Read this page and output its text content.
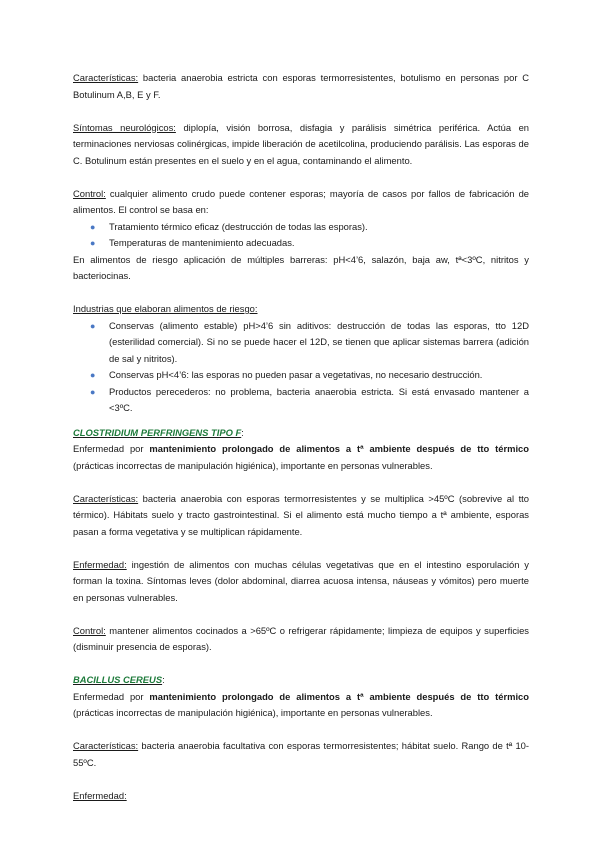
Características: bacteria anaerobia estricta con esporas termorresistentes, botulismo en personas por C Botulinum A,B, E y F.

Síntomas neurológicos: diplopía, visión borrosa, disfagia y parálisis simétrica periférica. Actúa en terminaciones nerviosas colinérgicas, impide liberación de acetilcolina, produciendo parálisis. Las esporas de C. Botulinum están presentes en el suelo y en el agua, contaminando el alimento.

Control: cualquier alimento crudo puede contener esporas; mayoría de casos por fallos de fabricación de alimentos. El control se basa en:

● Tratamiento térmico eficaz (destrucción de todas las esporas).
● Temperaturas de mantenimiento adecuadas.

En alimentos de riesgo aplicación de múltiples barreras: pH<4’6, salazón, baja aw, tª<3ºC, nitritos y bacteriocinas.

Industrias que elaboran alimentos de riesgo:

● Conservas (alimento estable) pH>4’6 sin aditivos: destrucción de todas las esporas, tto 12D (esterilidad comercial). Si no se puede hacer el 12D, se tienen que aplicar sistemas barrera (adición de sal y nitritos).
● Conservas pH<4’6: las esporas no pueden pasar a vegetativas, no necesario destrucción.
● Productos perecederos: no problema, bacteria anaerobia estricta. Si está envasado mantener a <3ºC.

CLOSTRIDIUM PERFRINGENS TIPO F:

Enfermedad por mantenimiento prolongado de alimentos a tª ambiente después de tto térmico (prácticas incorrectas de manipulación higiénica), importante en personas vulnerables.

Características: bacteria anaerobia con esporas termorresistentes y se multiplica >45ºC (sobrevive al tto térmico). Hábitats suelo y tracto gastrointestinal. Si el alimento está mucho tiempo a tª ambiente, esporas pasan a forma vegetativa y se multiplican rápidamente.

Enfermedad: ingestión de alimentos con muchas células vegetativas que en el intestino esporulación y forman la toxina. Síntomas leves (dolor abdominal, diarrea acuosa intensa, náuseas y vómitos) pero muerte en personas vulnerables.

Control: mantener alimentos cocinados a >65ºC o refrigerar rápidamente; limpieza de equipos y superficies (disminuir presencia de esporas).

BACILLUS CEREUS:

Enfermedad por mantenimiento prolongado de alimentos a tª ambiente después de tto térmico (prácticas incorrectas de manipulación higiénica), importante en personas vulnerables.

Características: bacteria anaerobia facultativa con esporas termorresistentes; hábitat suelo. Rango de tª 10-55ºC.

Enfermedad:
